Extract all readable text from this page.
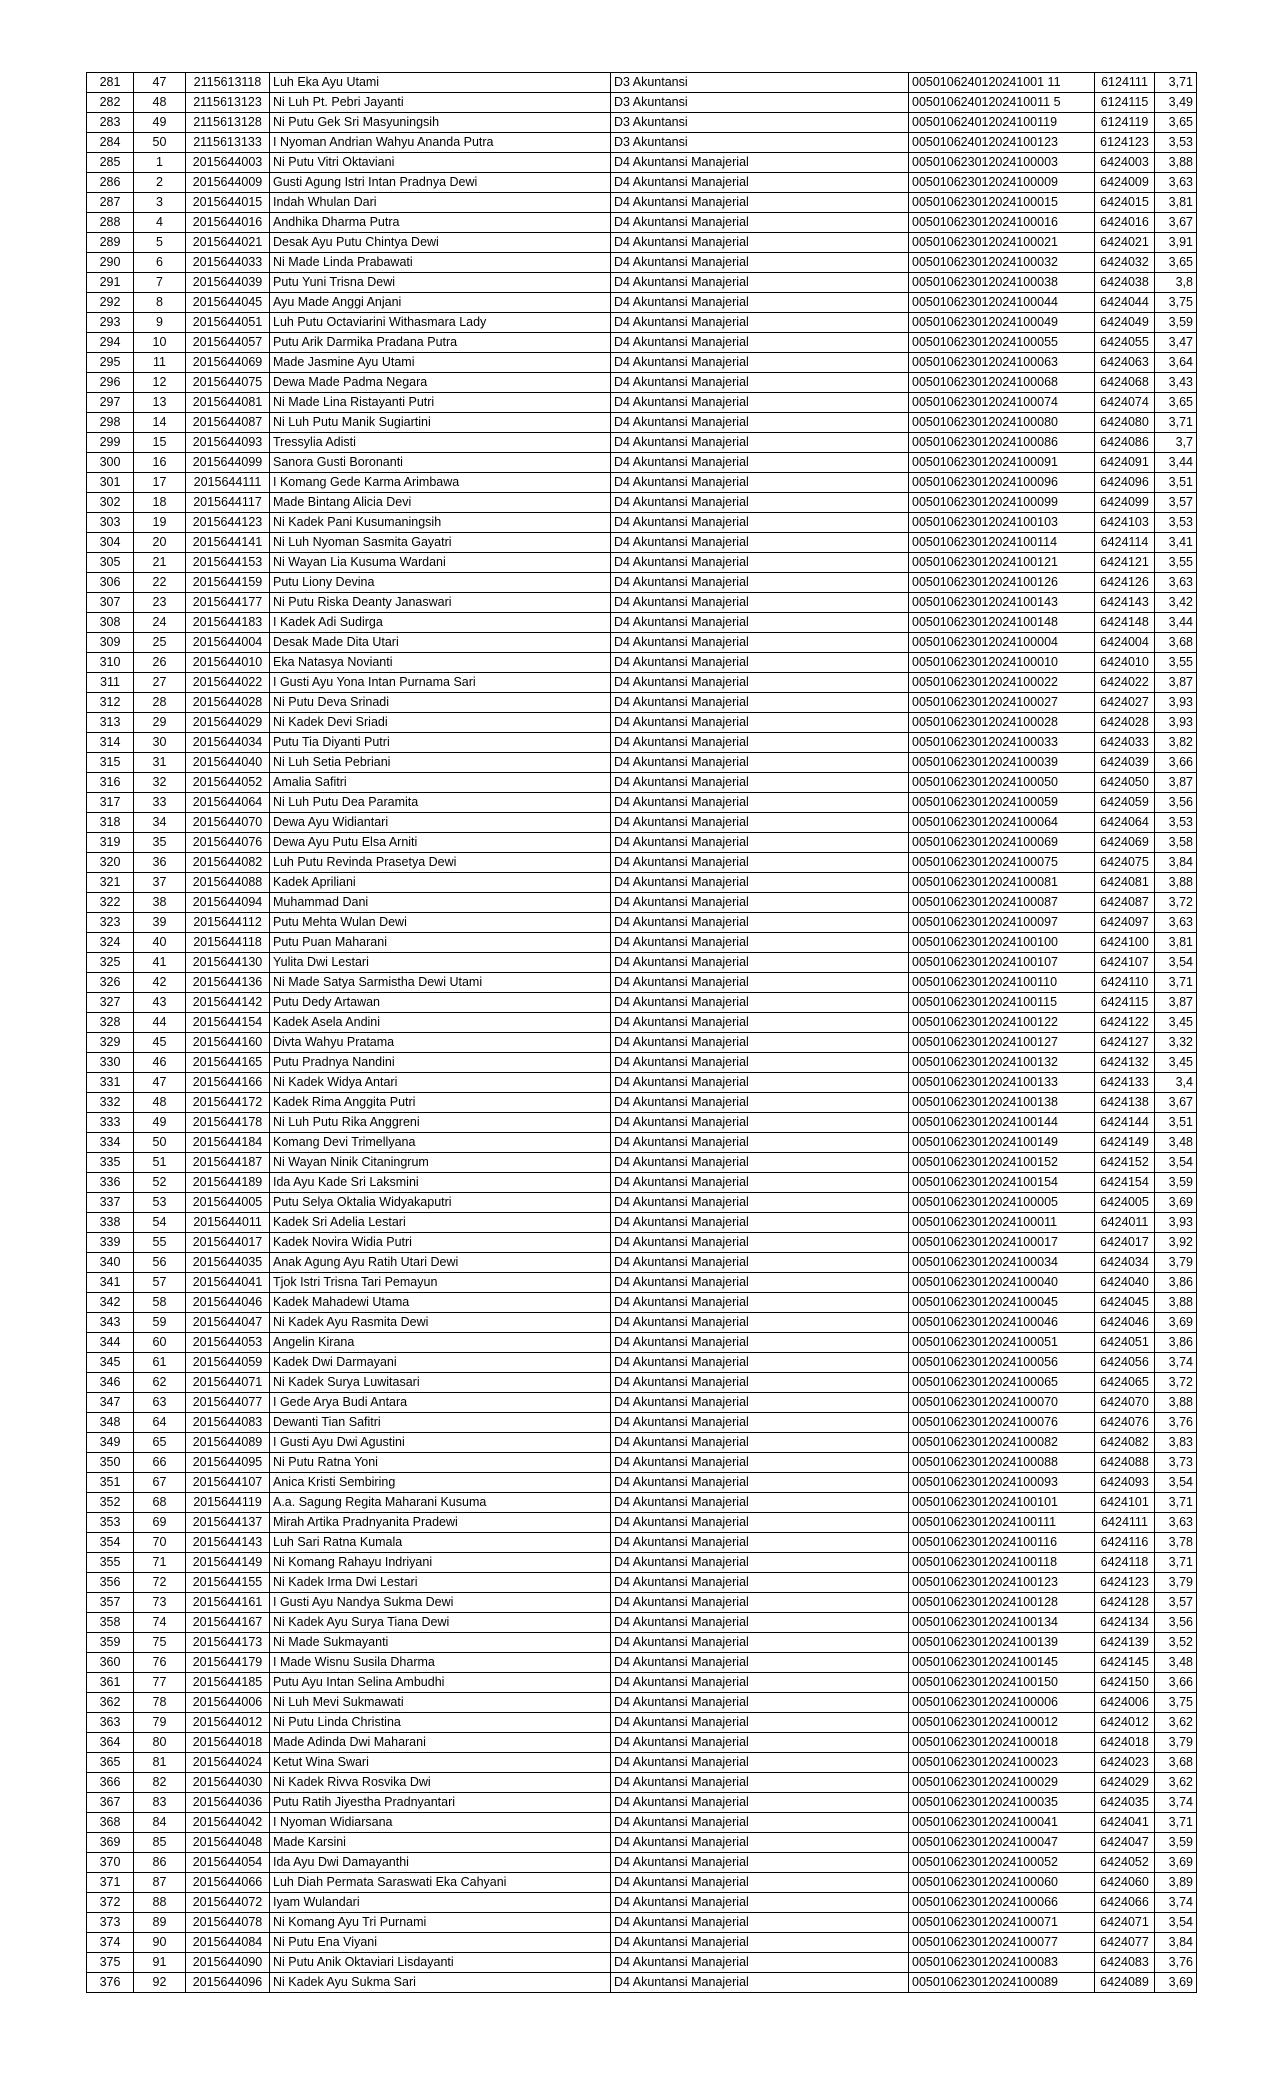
281	47	2115613118	Luh Eka Ayu Utami	D3 Akuntansi	0050106240120241001 11	6124111	3,71
282	48	2115613123	Ni Luh Pt. Pebri Jayanti	D3 Akuntansi	00501062401202410011 5	6124115	3,49
283	49	2115613128	Ni Putu Gek Sri Masyuningsih	D3 Akuntansi	005010624012024100119	6124119	3,65
284	50	2115613133	I Nyoman Andrian Wahyu Ananda Putra	D3 Akuntansi	005010624012024100123	6124123	3,53
285	1	2015644003	Ni Putu Vitri Oktaviani	D4 Akuntansi Manajerial	005010623012024100003	6424003	3,88
286	2	2015644009	Gusti Agung Istri Intan Pradnya Dewi	D4 Akuntansi Manajerial	005010623012024100009	6424009	3,63
287	3	2015644015	Indah Whulan Dari	D4 Akuntansi Manajerial	005010623012024100015	6424015	3,81
288	4	2015644016	Andhika Dharma Putra	D4 Akuntansi Manajerial	005010623012024100016	6424016	3,67
289	5	2015644021	Desak Ayu Putu Chintya Dewi	D4 Akuntansi Manajerial	005010623012024100021	6424021	3,91
290	6	2015644033	Ni Made Linda Prabawati	D4 Akuntansi Manajerial	005010623012024100032	6424032	3,65
291	7	2015644039	Putu Yuni Trisna Dewi	D4 Akuntansi Manajerial	005010623012024100038	6424038	3,8
292	8	2015644045	Ayu Made Anggi Anjani	D4 Akuntansi Manajerial	005010623012024100044	6424044	3,75
293	9	2015644051	Luh Putu Octaviarini Withasmara Lady	D4 Akuntansi Manajerial	005010623012024100049	6424049	3,59
294	10	2015644057	Putu Arik Darmika Pradana Putra	D4 Akuntansi Manajerial	005010623012024100055	6424055	3,47
295	11	2015644069	Made Jasmine Ayu Utami	D4 Akuntansi Manajerial	005010623012024100063	6424063	3,64
296	12	2015644075	Dewa Made Padma Negara	D4 Akuntansi Manajerial	005010623012024100068	6424068	3,43
297	13	2015644081	Ni Made Lina Ristayanti Putri	D4 Akuntansi Manajerial	005010623012024100074	6424074	3,65
298	14	2015644087	Ni Luh Putu Manik Sugiartini	D4 Akuntansi Manajerial	005010623012024100080	6424080	3,71
299	15	2015644093	Tressylia Adisti	D4 Akuntansi Manajerial	005010623012024100086	6424086	3,7
300	16	2015644099	Sanora Gusti Boronanti	D4 Akuntansi Manajerial	005010623012024100091	6424091	3,44
301	17	2015644111	I Komang Gede Karma Arimbawa	D4 Akuntansi Manajerial	005010623012024100096	6424096	3,51
302	18	2015644117	Made Bintang Alicia Devi	D4 Akuntansi Manajerial	005010623012024100099	6424099	3,57
303	19	2015644123	Ni Kadek Pani Kusumaningsih	D4 Akuntansi Manajerial	005010623012024100103	6424103	3,53
304	20	2015644141	Ni Luh Nyoman Sasmita Gayatri	D4 Akuntansi Manajerial	005010623012024100114	6424114	3,41
305	21	2015644153	Ni Wayan Lia Kusuma Wardani	D4 Akuntansi Manajerial	005010623012024100121	6424121	3,55
306	22	2015644159	Putu Liony Devina	D4 Akuntansi Manajerial	005010623012024100126	6424126	3,63
307	23	2015644177	Ni Putu Riska Deanty Janaswari	D4 Akuntansi Manajerial	005010623012024100143	6424143	3,42
308	24	2015644183	I Kadek Adi Sudirga	D4 Akuntansi Manajerial	005010623012024100148	6424148	3,44
309	25	2015644004	Desak Made Dita Utari	D4 Akuntansi Manajerial	005010623012024100004	6424004	3,68
310	26	2015644010	Eka Natasya Novianti	D4 Akuntansi Manajerial	005010623012024100010	6424010	3,55
311	27	2015644022	I Gusti Ayu Yona Intan Purnama Sari	D4 Akuntansi Manajerial	005010623012024100022	6424022	3,87
312	28	2015644028	Ni Putu Deva Srinadi	D4 Akuntansi Manajerial	005010623012024100027	6424027	3,93
313	29	2015644029	Ni Kadek Devi Sriadi	D4 Akuntansi Manajerial	005010623012024100028	6424028	3,93
314	30	2015644034	Putu Tia Diyanti Putri	D4 Akuntansi Manajerial	005010623012024100033	6424033	3,82
315	31	2015644040	Ni Luh Setia Pebriani	D4 Akuntansi Manajerial	005010623012024100039	6424039	3,66
316	32	2015644052	Amalia Safitri	D4 Akuntansi Manajerial	005010623012024100050	6424050	3,87
317	33	2015644064	Ni Luh Putu Dea Paramita	D4 Akuntansi Manajerial	005010623012024100059	6424059	3,56
318	34	2015644070	Dewa Ayu Widiantari	D4 Akuntansi Manajerial	005010623012024100064	6424064	3,53
319	35	2015644076	Dewa Ayu Putu Elsa Arniti	D4 Akuntansi Manajerial	005010623012024100069	6424069	3,58
320	36	2015644082	Luh Putu Revinda Prasetya Dewi	D4 Akuntansi Manajerial	005010623012024100075	6424075	3,84
321	37	2015644088	Kadek Apriliani	D4 Akuntansi Manajerial	005010623012024100081	6424081	3,88
322	38	2015644094	Muhammad Dani	D4 Akuntansi Manajerial	005010623012024100087	6424087	3,72
323	39	2015644112	Putu Mehta Wulan Dewi	D4 Akuntansi Manajerial	005010623012024100097	6424097	3,63
324	40	2015644118	Putu Puan Maharani	D4 Akuntansi Manajerial	005010623012024100100	6424100	3,81
325	41	2015644130	Yulita Dwi Lestari	D4 Akuntansi Manajerial	005010623012024100107	6424107	3,54
326	42	2015644136	Ni Made Satya Sarmistha Dewi Utami	D4 Akuntansi Manajerial	005010623012024100110	6424110	3,71
327	43	2015644142	Putu Dedy Artawan	D4 Akuntansi Manajerial	005010623012024100115	6424115	3,87
328	44	2015644154	Kadek Asela Andini	D4 Akuntansi Manajerial	005010623012024100122	6424122	3,45
329	45	2015644160	Divta Wahyu Pratama	D4 Akuntansi Manajerial	005010623012024100127	6424127	3,32
330	46	2015644165	Putu Pradnya Nandini	D4 Akuntansi Manajerial	005010623012024100132	6424132	3,45
331	47	2015644166	Ni Kadek Widya Antari	D4 Akuntansi Manajerial	005010623012024100133	6424133	3,4
332	48	2015644172	Kadek Rima Anggita Putri	D4 Akuntansi Manajerial	005010623012024100138	6424138	3,67
333	49	2015644178	Ni Luh Putu Rika Anggreni	D4 Akuntansi Manajerial	005010623012024100144	6424144	3,51
334	50	2015644184	Komang Devi Trimellyana	D4 Akuntansi Manajerial	005010623012024100149	6424149	3,48
335	51	2015644187	Ni Wayan Ninik Citaningrum	D4 Akuntansi Manajerial	005010623012024100152	6424152	3,54
336	52	2015644189	Ida Ayu Kade Sri Laksmini	D4 Akuntansi Manajerial	005010623012024100154	6424154	3,59
337	53	2015644005	Putu Selya Oktalia Widyakaputri	D4 Akuntansi Manajerial	005010623012024100005	6424005	3,69
338	54	2015644011	Kadek Sri Adelia Lestari	D4 Akuntansi Manajerial	005010623012024100011	6424011	3,93
339	55	2015644017	Kadek Novira Widia Putri	D4 Akuntansi Manajerial	005010623012024100017	6424017	3,92
340	56	2015644035	Anak Agung Ayu Ratih Utari Dewi	D4 Akuntansi Manajerial	005010623012024100034	6424034	3,79
341	57	2015644041	Tjok Istri Trisna Tari Pemayun	D4 Akuntansi Manajerial	005010623012024100040	6424040	3,86
342	58	2015644046	Kadek Mahadewi Utama	D4 Akuntansi Manajerial	005010623012024100045	6424045	3,88
343	59	2015644047	Ni Kadek Ayu Rasmita Dewi	D4 Akuntansi Manajerial	005010623012024100046	6424046	3,69
344	60	2015644053	Angelin Kirana	D4 Akuntansi Manajerial	005010623012024100051	6424051	3,86
345	61	2015644059	Kadek Dwi Darmayani	D4 Akuntansi Manajerial	005010623012024100056	6424056	3,74
346	62	2015644071	Ni Kadek Surya Luwitasari	D4 Akuntansi Manajerial	005010623012024100065	6424065	3,72
347	63	2015644077	I Gede Arya Budi Antara	D4 Akuntansi Manajerial	005010623012024100070	6424070	3,88
348	64	2015644083	Dewanti Tian Safitri	D4 Akuntansi Manajerial	005010623012024100076	6424076	3,76
349	65	2015644089	I Gusti Ayu Dwi Agustini	D4 Akuntansi Manajerial	005010623012024100082	6424082	3,83
350	66	2015644095	Ni Putu Ratna Yoni	D4 Akuntansi Manajerial	005010623012024100088	6424088	3,73
351	67	2015644107	Anica Kristi Sembiring	D4 Akuntansi Manajerial	005010623012024100093	6424093	3,54
352	68	2015644119	A.a. Sagung Regita Maharani Kusuma	D4 Akuntansi Manajerial	005010623012024100101	6424101	3,71
353	69	2015644137	Mirah Artika Pradnyanita Pradewi	D4 Akuntansi Manajerial	005010623012024100111	6424111	3,63
354	70	2015644143	Luh Sari Ratna Kumala	D4 Akuntansi Manajerial	005010623012024100116	6424116	3,78
355	71	2015644149	Ni Komang Rahayu Indriyani	D4 Akuntansi Manajerial	005010623012024100118	6424118	3,71
356	72	2015644155	Ni Kadek Irma Dwi Lestari	D4 Akuntansi Manajerial	005010623012024100123	6424123	3,79
357	73	2015644161	I Gusti Ayu Nandya Sukma Dewi	D4 Akuntansi Manajerial	005010623012024100128	6424128	3,57
358	74	2015644167	Ni Kadek Ayu Surya Tiana Dewi	D4 Akuntansi Manajerial	005010623012024100134	6424134	3,56
359	75	2015644173	Ni Made Sukmayanti	D4 Akuntansi Manajerial	005010623012024100139	6424139	3,52
360	76	2015644179	I Made Wisnu Susila Dharma	D4 Akuntansi Manajerial	005010623012024100145	6424145	3,48
361	77	2015644185	Putu Ayu Intan Selina Ambudhi	D4 Akuntansi Manajerial	005010623012024100150	6424150	3,66
362	78	2015644006	Ni Luh Mevi Sukmawati	D4 Akuntansi Manajerial	005010623012024100006	6424006	3,75
363	79	2015644012	Ni Putu Linda Christina	D4 Akuntansi Manajerial	005010623012024100012	6424012	3,62
364	80	2015644018	Made Adinda Dwi Maharani	D4 Akuntansi Manajerial	005010623012024100018	6424018	3,79
365	81	2015644024	Ketut Wina Swari	D4 Akuntansi Manajerial	005010623012024100023	6424023	3,68
366	82	2015644030	Ni Kadek Rivva Rosvika Dwi	D4 Akuntansi Manajerial	005010623012024100029	6424029	3,62
367	83	2015644036	Putu Ratih Jiyestha Pradnyantari	D4 Akuntansi Manajerial	005010623012024100035	6424035	3,74
368	84	2015644042	I Nyoman Widiarsana	D4 Akuntansi Manajerial	005010623012024100041	6424041	3,71
369	85	2015644048	Made Karsini	D4 Akuntansi Manajerial	005010623012024100047	6424047	3,59
370	86	2015644054	Ida Ayu Dwi Damayanthi	D4 Akuntansi Manajerial	005010623012024100052	6424052	3,69
371	87	2015644066	Luh Diah Permata Saraswati Eka Cahyani	D4 Akuntansi Manajerial	005010623012024100060	6424060	3,89
372	88	2015644072	Iyam Wulandari	D4 Akuntansi Manajerial	005010623012024100066	6424066	3,74
373	89	2015644078	Ni Komang Ayu Tri Purnami	D4 Akuntansi Manajerial	005010623012024100071	6424071	3,54
374	90	2015644084	Ni Putu Ena Viyani	D4 Akuntansi Manajerial	005010623012024100077	6424077	3,84
375	91	2015644090	Ni Putu Anik Oktaviari Lisdayanti	D4 Akuntansi Manajerial	005010623012024100083	6424083	3,76
376	92	2015644096	Ni Kadek Ayu Sukma Sari	D4 Akuntansi Manajerial	005010623012024100089	6424089	3,69
